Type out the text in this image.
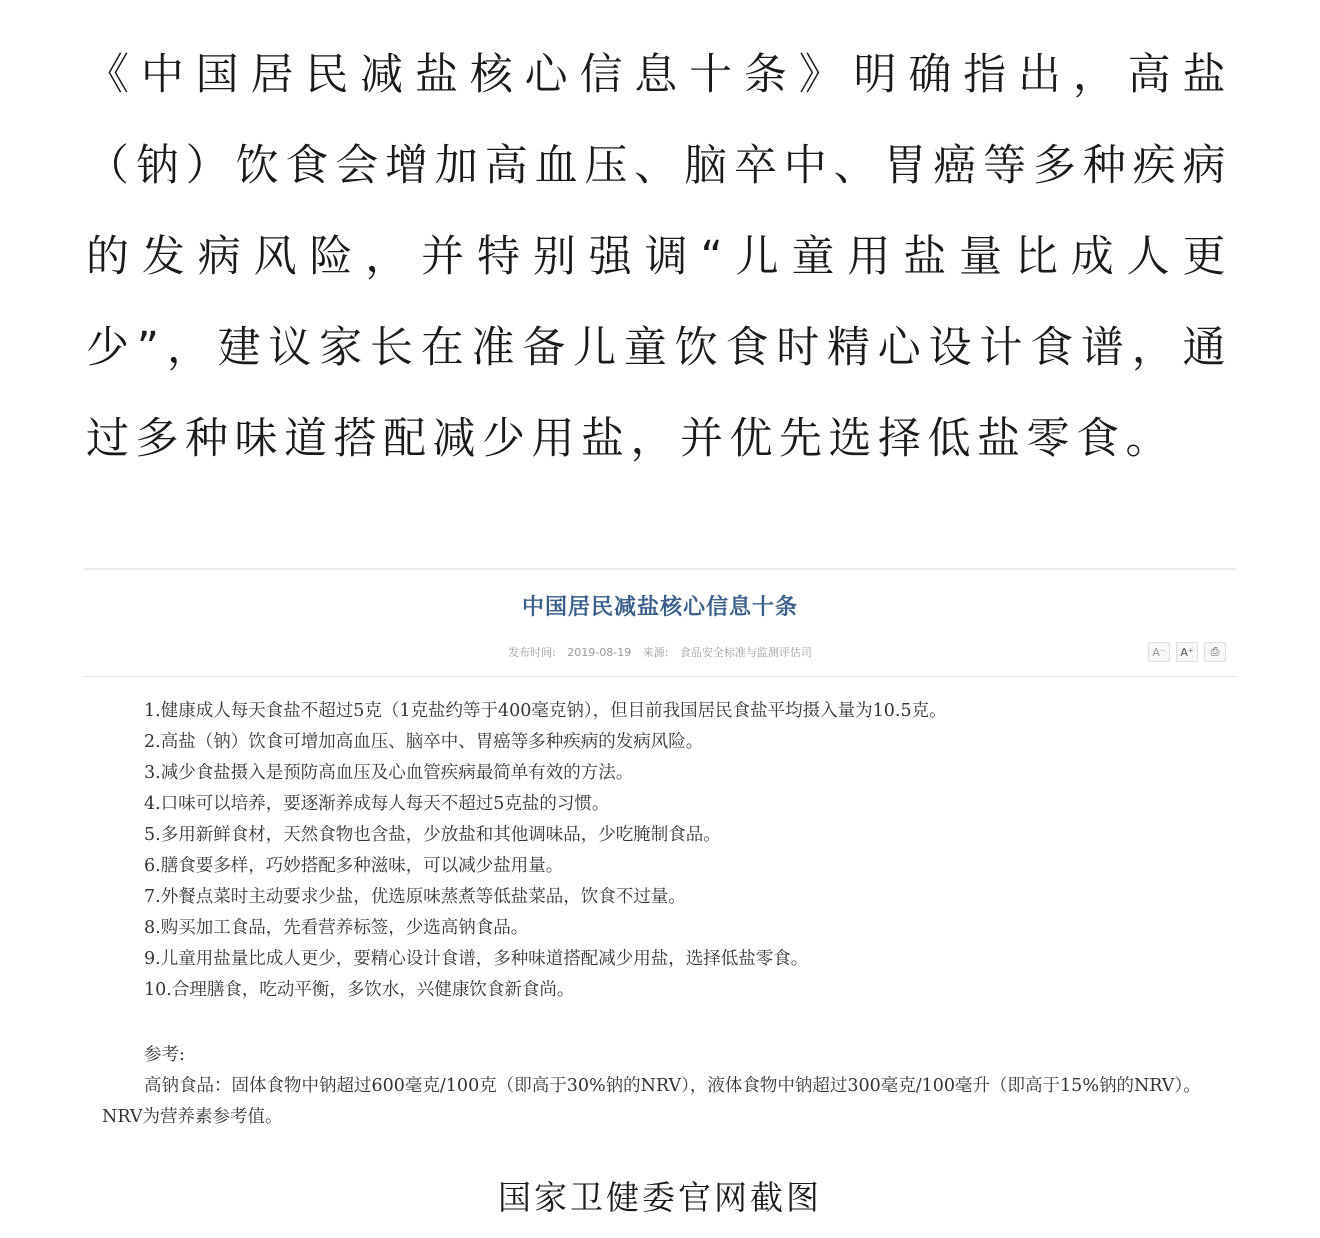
《中国居民减盐核心信息十条》明确指出，高盐（钠）饮食会增加高血压、脑卒中、胃癌等多种疾病的发病风险，并特别强调“儿童用盐量比成人更少”，建议家长在准备儿童饮食时精心设计食谱，通过多种味道搭配减少用盐，并优先选择低盐零食。

中国居民减盐核心信息十条

发布时间: 2019-08-19 来源: 食品安全标准与监测评估司	A⁻	A⁺	⎙
1.健康成人每天食盐不超过5克（1克盐约等于400毫克钠），但目前我国居民食盐平均摄入量为10.5克。
2.高盐（钠）饮食可增加高血压、脑卒中、胃癌等多种疾病的发病风险。
3.减少食盐摄入是预防高血压及心血管疾病最简单有效的方法。
4.口味可以培养，要逐渐养成每人每天不超过5克盐的习惯。
5.多用新鲜食材，天然食物也含盐，少放盐和其他调味品，少吃腌制食品。
6.膳食要多样，巧妙搭配多种滋味，可以减少盐用量。
7.外餐点菜时主动要求少盐，优选原味蒸煮等低盐菜品，饮食不过量。
8.购买加工食品，先看营养标签，少选高钠食品。
9.儿童用盐量比成人更少，要精心设计食谱，多种味道搭配减少用盐，选择低盐零食。
10.合理膳食，吃动平衡，多饮水，兴健康饮食新食尚。

参考:

高钠食品：固体食物中钠超过600毫克/100克（即高于30%钠的NRV），液体食物中钠超过300毫克/100毫升（即高于15%钠的NRV）。NRV为营养素参考值。

国家卫健委官网截图
